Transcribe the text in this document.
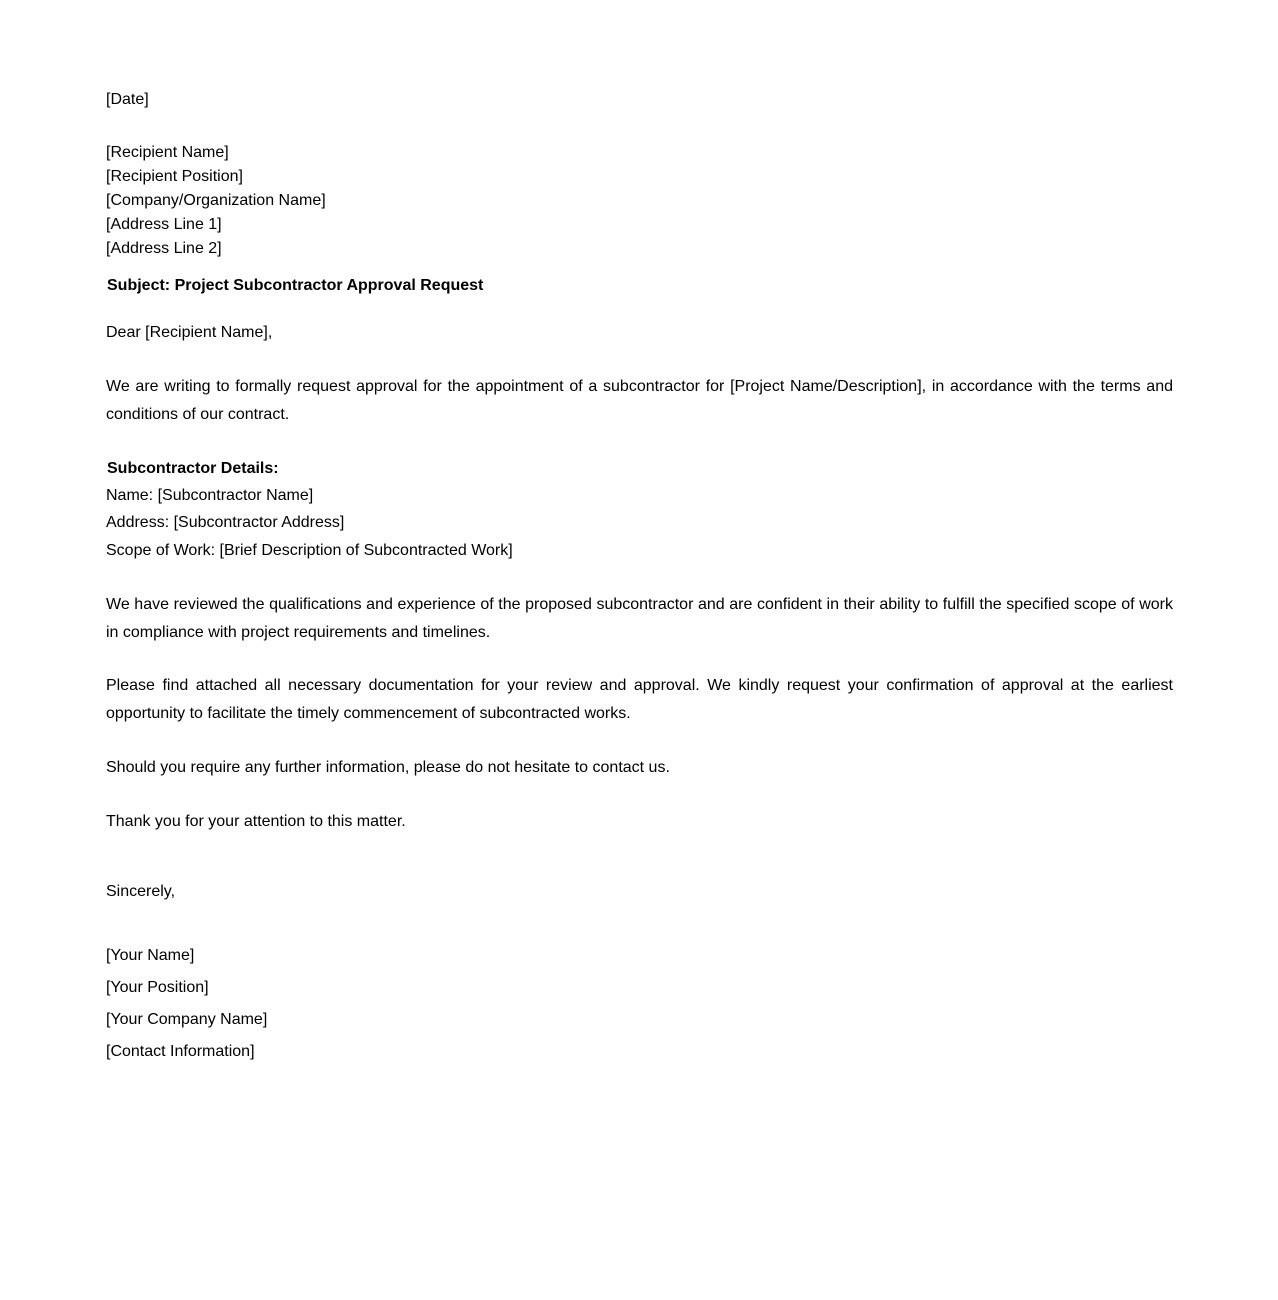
[Date]

[Recipient Name]

[Recipient Position]

[Company/Organization Name]

[Address Line 1]

[Address Line 2]

Subject: Project Subcontractor Approval Request

Dear [Recipient Name],

We are writing to formally request approval for the appointment of a subcontractor for [Project Name/Description], in accordance with the terms and conditions of our contract.

Subcontractor Details:

Name: [Subcontractor Name]

Address: [Subcontractor Address]

Scope of Work: [Brief Description of Subcontracted Work]

We have reviewed the qualifications and experience of the proposed subcontractor and are confident in their ability to fulfill the specified scope of work in compliance with project requirements and timelines.

Please find attached all necessary documentation for your review and approval. We kindly request your confirmation of approval at the earliest opportunity to facilitate the timely commencement of subcontracted works.

Should you require any further information, please do not hesitate to contact us.

Thank you for your attention to this matter.

Sincerely,

[Your Name]

[Your Position]

[Your Company Name]

[Contact Information]
